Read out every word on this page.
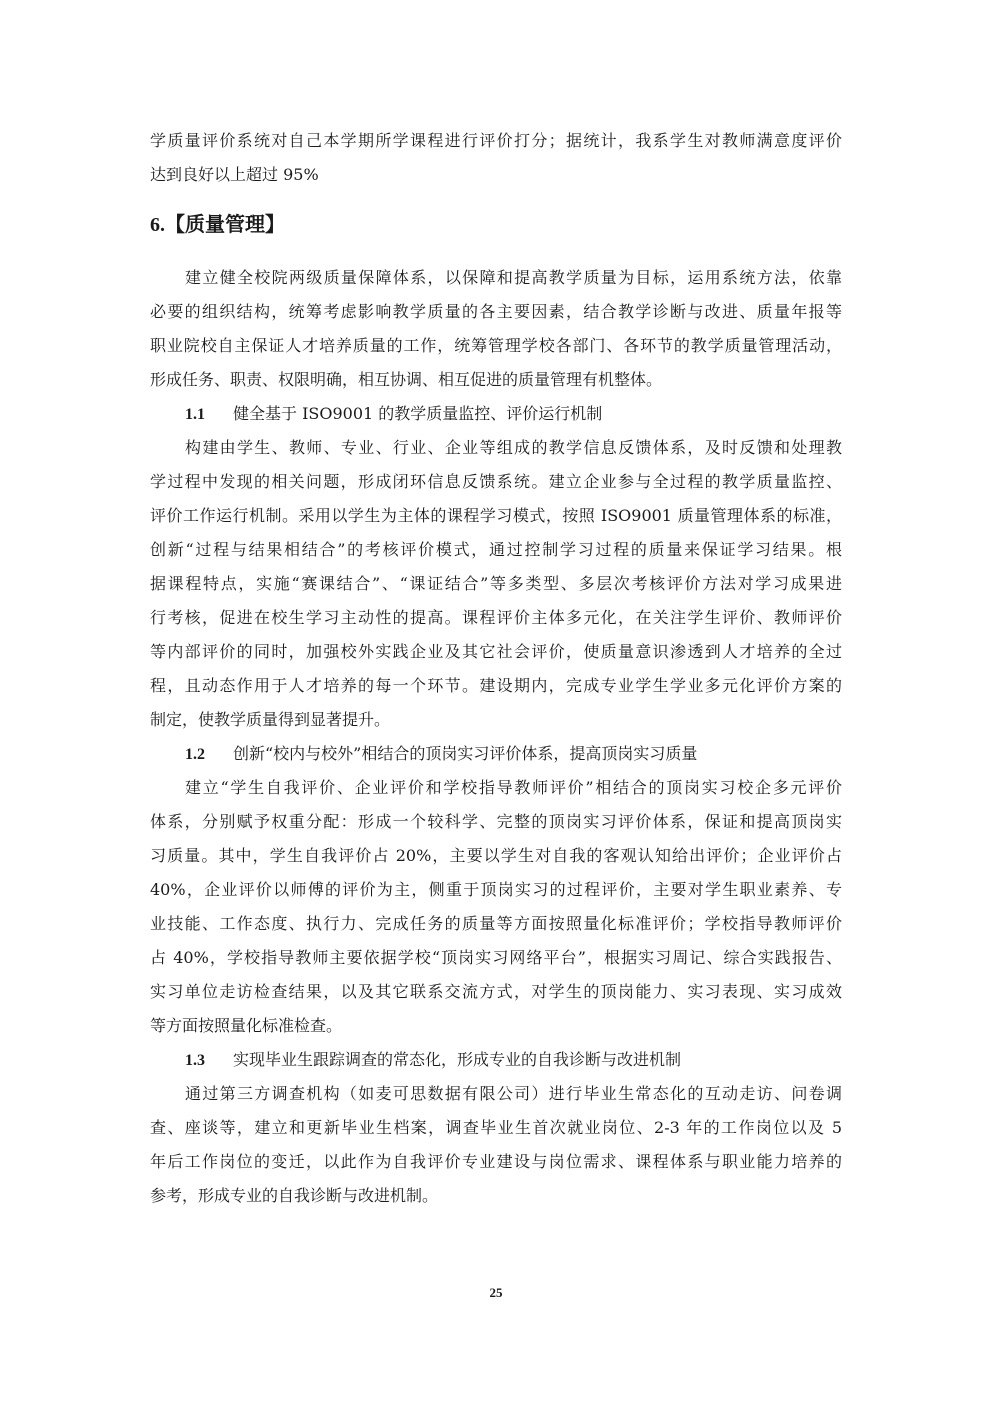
学质量评价系统对自己本学期所学课程进行评价打分；据统计，我系学生对教师满意度评价
达到良好以上超过 95%
6.【质量管理】
建立健全校院两级质量保障体系，以保障和提高教学质量为目标，运用系统方法，依靠
必要的组织结构，统筹考虑影响教学质量的各主要因素，结合教学诊断与改进、质量年报等
职业院校自主保证人才培养质量的工作，统筹管理学校各部门、各环节的教学质量管理活动，
形成任务、职责、权限明确，相互协调、相互促进的质量管理有机整体。
1.1 健全基于 ISO9001 的教学质量监控、评价运行机制
构建由学生、教师、专业、行业、企业等组成的教学信息反馈体系，及时反馈和处理教
学过程中发现的相关问题，形成闭环信息反馈系统。建立企业参与全过程的教学质量监控、
评价工作运行机制。采用以学生为主体的课程学习模式，按照 ISO9001 质量管理体系的标准，
创新“过程与结果相结合”的考核评价模式，通过控制学习过程的质量来保证学习结果。根
据课程特点，实施“赛课结合”、“课证结合”等多类型、多层次考核评价方法对学习成果进
行考核，促进在校生学习主动性的提高。课程评价主体多元化，在关注学生评价、教师评价
等内部评价的同时，加强校外实践企业及其它社会评价，使质量意识渗透到人才培养的全过
程，且动态作用于人才培养的每一个环节。建设期内，完成专业学生学业多元化评价方案的
制定，使教学质量得到显著提升。
1.2 创新“校内与校外”相结合的顶岗实习评价体系，提高顶岗实习质量
建立“学生自我评价、企业评价和学校指导教师评价”相结合的顶岗实习校企多元评价
体系，分别赋予权重分配：形成一个较科学、完整的顶岗实习评价体系，保证和提高顶岗实
习质量。其中，学生自我评价占 20%，主要以学生对自我的客观认知给出评价；企业评价占
40%，企业评价以师傅的评价为主，侧重于顶岗实习的过程评价，主要对学生职业素养、专
业技能、工作态度、执行力、完成任务的质量等方面按照量化标准评价；学校指导教师评价
占 40%，学校指导教师主要依据学校“顶岗实习网络平台”，根据实习周记、综合实践报告、
实习单位走访检查结果，以及其它联系交流方式，对学生的顶岗能力、实习表现、实习成效
等方面按照量化标准检查。
1.3 实现毕业生跟踪调查的常态化，形成专业的自我诊断与改进机制
通过第三方调查机构（如麦可思数据有限公司）进行毕业生常态化的互动走访、问卷调
查、座谈等，建立和更新毕业生档案，调查毕业生首次就业岗位、2-3 年的工作岗位以及 5
年后工作岗位的变迁，以此作为自我评价专业建设与岗位需求、课程体系与职业能力培养的
参考，形成专业的自我诊断与改进机制。
25
